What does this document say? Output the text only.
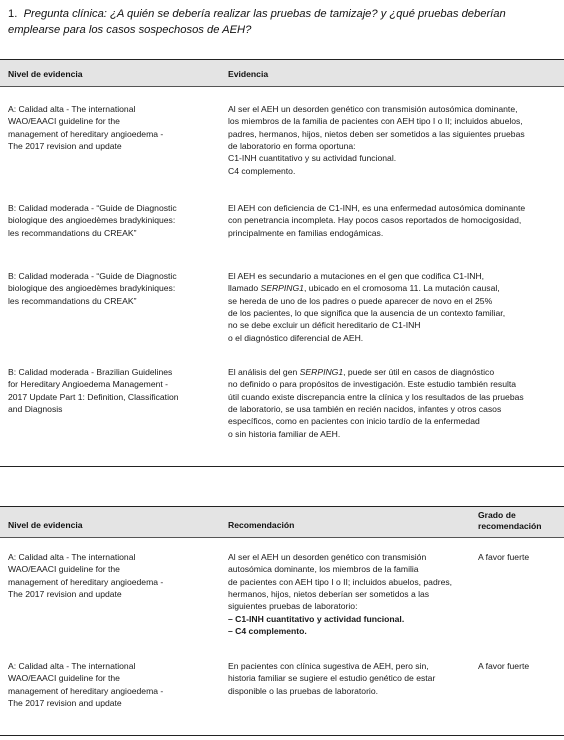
1. Pregunta clínica: ¿A quién se debería realizar las pruebas de tamizaje? y ¿qué pruebas deberían emplearse para los casos sospechosos de AEH?
Nivel de evidencia	Evidencia
A: Calidad alta - The international
WAO/EAACI guideline for the
management of hereditary angioedema -
The 2017 revision and update
Al ser el AEH un desorden genético con transmisión autosómica dominante,
los miembros de la familia de pacientes con AEH tipo I o II; incluidos abuelos,
padres, hermanos, hijos, nietos deben ser sometidos a las siguientes pruebas
de laboratorio en forma oportuna:
C1-INH cuantitativo y su actividad funcional.
C4 complemento.
B: Calidad moderada - “Guide de Diagnostic
biologique des angioedèmes bradykiniques:
les recommandations du CREAK”
El AEH con deficiencia de C1-INH, es una enfermedad autosómica dominante
con penetrancia incompleta. Hay pocos casos reportados de homocigosidad,
principalmente en familias endogámicas.
B: Calidad moderada - “Guide de Diagnostic
biologique des angioedèmes bradykiniques:
les recommandations du CREAK”
El AEH es secundario a mutaciones en el gen que codifica C1-INH,
llamado SERPING1, ubicado en el cromosoma 11. La mutación causal,
se hereda de uno de los padres o puede aparecer de novo en el 25%
de los pacientes, lo que significa que la ausencia de un contexto familiar,
no se debe excluir un déficit hereditario de C1-INH
o el diagnóstico diferencial de AEH.
B: Calidad moderada - Brazilian Guidelines
for Hereditary Angioedema Management -
2017 Update Part 1: Definition, Classification
and Diagnosis
El análisis del gen SERPING1, puede ser útil en casos de diagnóstico
no definido o para propósitos de investigación. Este estudio también resulta
útil cuando existe discrepancia entre la clínica y los resultados de las pruebas
de laboratorio, se usa también en recién nacidos, infantes y otros casos
específicos, como en pacientes con inicio tardío de la enfermedad
o sin historia familiar de AEH.
Nivel de evidencia	Recomendación
Grado de
recomendación
A: Calidad alta - The international
WAO/EAACI guideline for the
management of hereditary angioedema -
The 2017 revision and update
Al ser el AEH un desorden genético con transmisión
autosómica dominante, los miembros de la familia
de pacientes con AEH tipo I o II; incluidos abuelos, padres,
hermanos, hijos, nietos deberían ser sometidos a las
siguientes pruebas de laboratorio:
– C1-INH cuantitativo y actividad funcional.
– C4 complemento.
A favor fuerte
A: Calidad alta - The international
WAO/EAACI guideline for the
management of hereditary angioedema -
The 2017 revision and update
En pacientes con clínica sugestiva de AEH, pero sin,
historia familiar se sugiere el estudio genético de estar
disponible o las pruebas de laboratorio.
A favor fuerte
